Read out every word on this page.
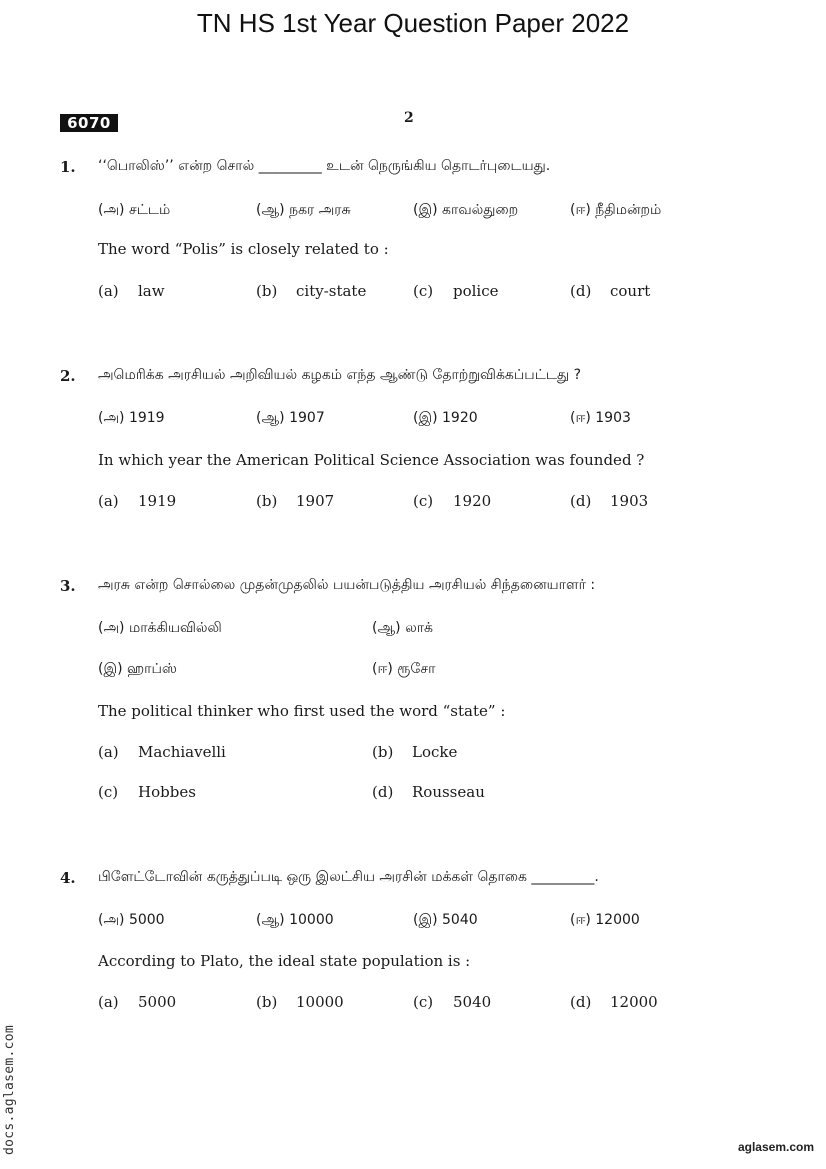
TN HS 1st Year Question Paper 2022
6070	2
1. ‘‘பொலிஸ்’’ என்ற சொல் _________ உடன் நெருங்கிய தொடர்புடையது.
(அ) சட்டம்	(ஆ) நகர அரசு	(இ) காவல்துறை	(ஈ) நீதிமன்றம்
The word “Polis” is closely related to :
(a) law	(b) city-state	(c) police	(d) court
2. அமெரிக்க அரசியல் அறிவியல் கழகம் எந்த ஆண்டு தோற்றுவிக்கப்பட்டது ?
(அ) 1919	(ஆ) 1907	(இ) 1920	(ஈ) 1903
In which year the American Political Science Association was founded ?
(a) 1919	(b) 1907	(c) 1920	(d) 1903
3. அரசு என்ற சொல்லை முதன்முதலில் பயன்படுத்திய அரசியல் சிந்தனையாளர் :
(அ) மாக்கியவில்லி	(ஆ) லாக்
(இ) ஹாப்ஸ்	(ஈ) ரூசோ
The political thinker who first used the word “state” :
(a) Machiavelli	(b) Locke
(c) Hobbes	(d) Rousseau
4. பிளேட்டோவின் கருத்துப்படி ஒரு இலட்சிய அரசின் மக்கள் தொகை _________.
(அ) 5000	(ஆ) 10000	(இ) 5040	(ஈ) 12000
According to Plato, the ideal state population is :
(a) 5000	(b) 10000	(c) 5040	(d) 12000
docs.aglasem.com	aglasem.com
